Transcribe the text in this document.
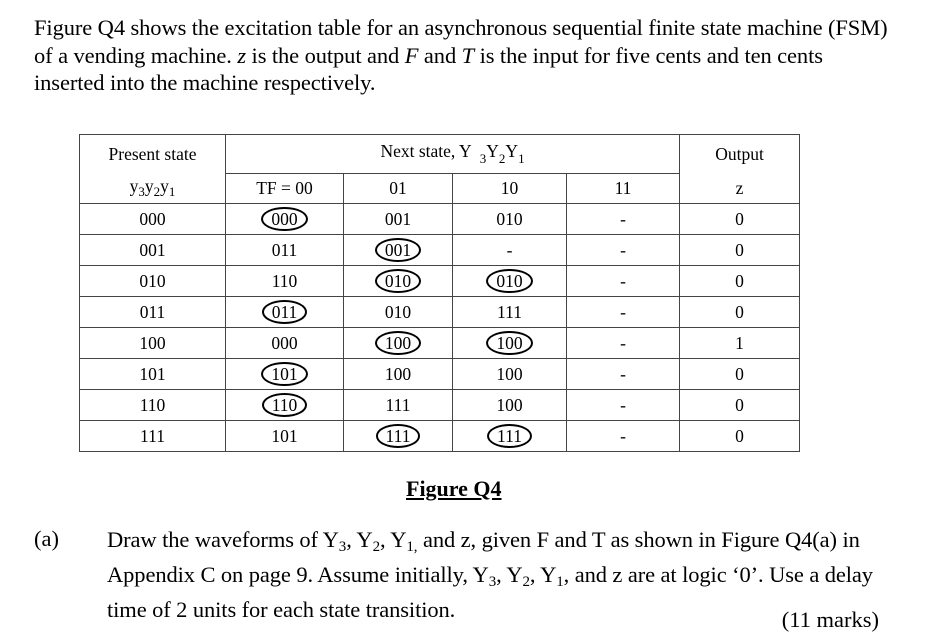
Figure Q4 shows the excitation table for an asynchronous sequential finite state machine (FSM) of a vending machine. z is the output and F and T is the input for five cents and ten cents inserted into the machine respectively.
Present state	Next state, Y  $_3Y_2Y_1$				Output
$y_3y_2y_1$	TF = 00	01	10	11	z
000	000	001	010	-	0
001	011	001	-	-	0
010	110	010	010	-	0
011	011	010	111	-	0
100	000	100	100	-	1
101	101	100	100	-	0
110	110	111	100	-	0
111	101	111	111	-	0
Figure Q4
(a) Draw the waveforms of Y3, Y2, Y1, and z, given F and T as shown in Figure Q4(a) in Appendix C on page 9. Assume initially, Y3, Y2, Y1, and z are at logic ‘0’. Use a delay time of 2 units for each state transition.	(11 marks)
